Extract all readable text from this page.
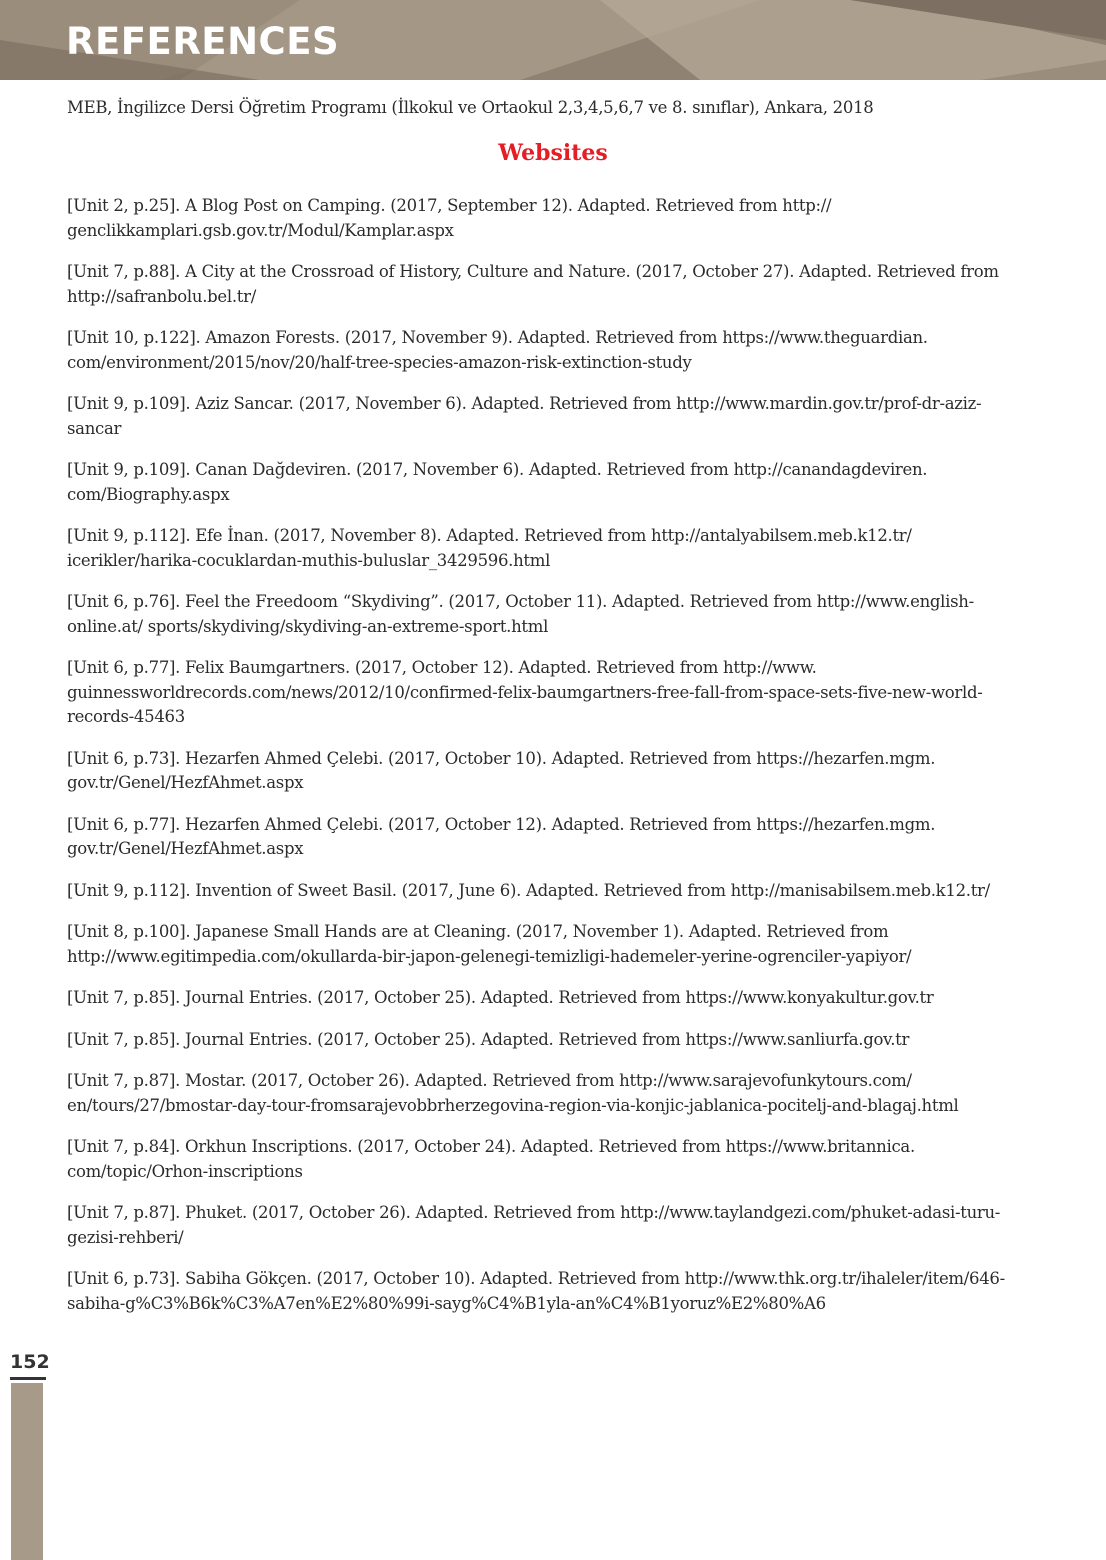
REFERENCES

MEB, İngilizce Dersi Öğretim Programı (İlkokul ve Ortaokul 2,3,4,5,6,7 ve 8. sınıflar), Ankara, 2018

Websites
[Unit 2, p.25]. A Blog Post on Camping. (2017, September 12). Adapted. Retrieved from http://​genclikkamplari.gsb.gov.tr/Modul/Kamplar.aspx
[Unit 7, p.88]. A City at the Crossroad of History, Culture and Nature. (2017, October 27). Adapted. Retrieved from http://safranbolu.bel.tr/
[Unit 10, p.122]. Amazon Forests. (2017, November 9). Adapted. Retrieved from https://www.theguardian.​com/environment/2015/nov/20/half-tree-species-amazon-risk-extinction-study
[Unit 9, p.109]. Aziz Sancar. (2017, November 6). Adapted. Retrieved from http://www.mardin.gov.tr/prof-​dr-aziz-sancar
[Unit 9, p.109]. Canan Dağdeviren. (2017, November 6). Adapted. Retrieved from http://canandagdeviren.​com/Biography.aspx
[Unit 9, p.112]. Efe İnan. (2017, November 8). Adapted. Retrieved from http://antalyabilsem.meb.k12.tr/​icerikler/harika-cocuklardan-muthis-buluslar_3429596.html
[Unit 6, p.76]. Feel the Freedoom “Skydiving”. (2017, October 11). Adapted. Retrieved from http://www.​english-online.at/ sports/skydiving/skydiving-an-extreme-sport.html
[Unit 6, p.77]. Felix Baumgartners. (2017, October 12). Adapted. Retrieved from http://www.​guinnessworldrecords.com/news/2012/10/confirmed-felix-baumgartners-free-fall-from-space-sets-five-new-world-records-45463
[Unit 6, p.73]. Hezarfen Ahmed Çelebi. (2017, October 10). Adapted. Retrieved from https://hezarfen.mgm.​gov.tr/Genel/HezfAhmet.aspx
[Unit 6, p.77]. Hezarfen Ahmed Çelebi. (2017, October 12). Adapted. Retrieved from https://hezarfen.mgm.​gov.tr/Genel/HezfAhmet.aspx
[Unit 9, p.112]. Invention of Sweet Basil. (2017, June 6). Adapted. Retrieved from http://manisabilsem.​meb.k12.tr/
[Unit 8, p.100]. Japanese Small Hands are at Cleaning. (2017, November 1). Adapted. Retrieved from http://www.egitimpedia.com/okullarda-bir-japon-gelenegi-temizligi-hademeler-yerine-ogrenciler-​yapiyor/
[Unit 7, p.85]. Journal Entries. (2017, October 25). Adapted. Retrieved from https://www.konyakultur.gov.​tr
[Unit 7, p.85]. Journal Entries. (2017, October 25). Adapted. Retrieved from https://www.sanliurfa.gov.tr
[Unit 7, p.87]. Mostar. (2017, October 26). Adapted. Retrieved from http://www.sarajevofunkytours.com/​en/tours/27/bmostar-day-tour-fromsarajevobbrherzegovina-region-via-konjic-jablanica-pocitelj-and-​blagaj.html
[Unit 7, p.84]. Orkhun Inscriptions. (2017, October 24). Adapted. Retrieved from https://www.britannica.​com/topic/Orhon-inscriptions
[Unit 7, p.87]. Phuket. (2017, October 26). Adapted. Retrieved from http://www.taylandgezi.com/phuket-​adasi-turu-gezisi-rehberi/
[Unit 6, p.73]. Sabiha Gökçen. (2017, October 10). Adapted. Retrieved from http://www.thk.org.tr/ihaleler/​item/646-sabiha-g%C3%B6k%C3%A7en%E2%80%99i-sayg%C4%B1yla-an%C4%B1yoruz%E2%80%A6
152
